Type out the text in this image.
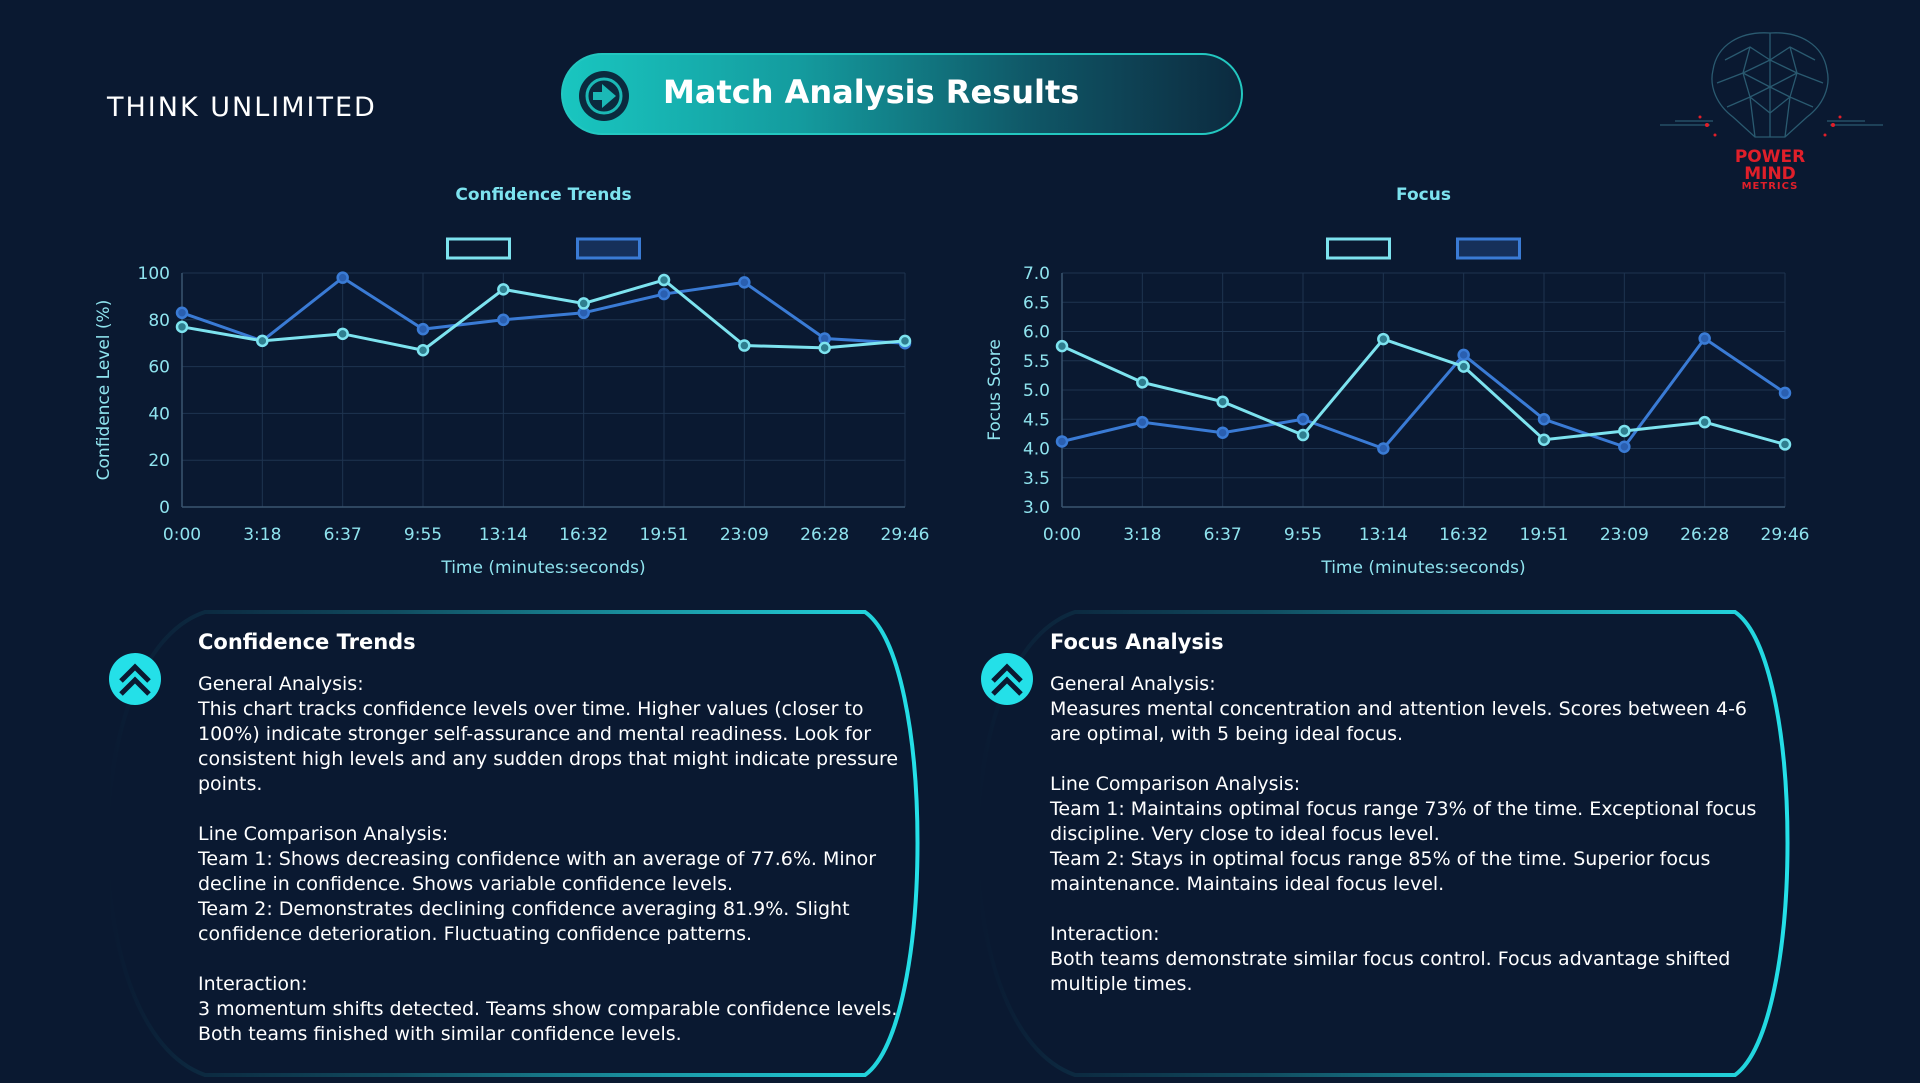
THINK UNLIMITED	Match Analysis Results
POWER
MIND
METRICS
Confidence Trends
0
20
40
60
80
100
0:00 3:18 6:37 9:55 13:14 16:32 19:51 23:09 26:28 29:46
Time (minutes:seconds)
Confidence Level (%)
Focus
3.0
3.5
4.0
4.5
5.0
5.5
6.0
6.5
7.0
0:00 3:18 6:37 9:55 13:14 16:32 19:51 23:09 26:28 29:46
Time (minutes:seconds)
Focus Score
Confidence Trends
General Analysis:
This chart tracks confidence levels over time. Higher values (closer to 100%) indicate stronger self-assurance and mental readiness. Look for consistent high levels and any sudden drops that might indicate pressure points.
Line Comparison Analysis:
Team 1: Shows decreasing confidence with an average of 77.6%. Minor decline in confidence. Shows variable confidence levels.
Team 2: Demonstrates declining confidence averaging 81.9%. Slight confidence deterioration. Fluctuating confidence patterns.
Interaction:
3 momentum shifts detected. Teams show comparable confidence levels. Both teams finished with similar confidence levels.
Focus Analysis
General Analysis:
Measures mental concentration and attention levels. Scores between 4-6 are optimal, with 5 being ideal focus.
Line Comparison Analysis:
Team 1: Maintains optimal focus range 73% of the time. Exceptional focus discipline. Very close to ideal focus level.
Team 2: Stays in optimal focus range 85% of the time. Superior focus maintenance. Maintains ideal focus level.
Interaction:
Both teams demonstrate similar focus control. Focus advantage shifted multiple times.
